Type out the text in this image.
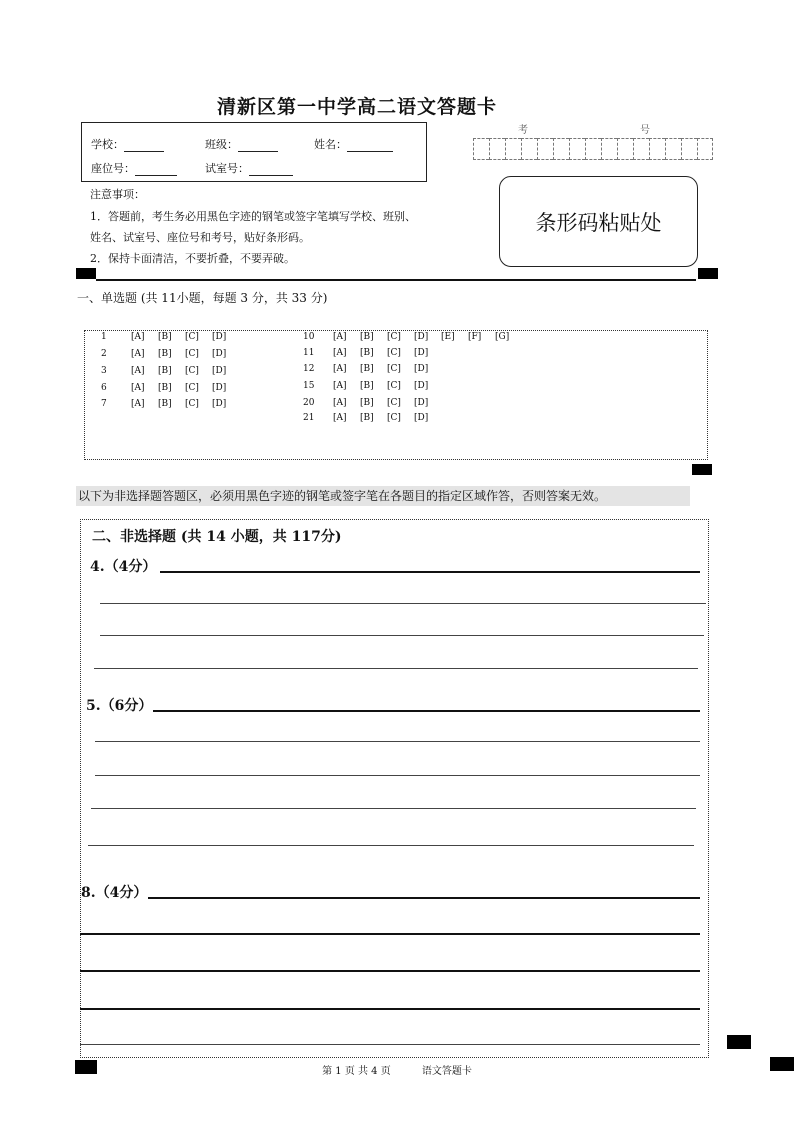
清新区第一中学高二语文答题卡
学校：	班级：	姓名：
座位号：	试室号：
考	号
条形码粘贴处
注意事项：
1．答题前，考生务必用黑色字迹的钢笔或签字笔填写学校、班别、
姓名、试室号、座位号和考号，贴好条形码。
2．保持卡面清洁，不要折叠，不要弄破。
一、单选题 (共 11小题，每题 3 分，共 33 分)
1	[A]	[B]	[C]	[D]
2	[A]	[B]	[C]	[D]
3	[A]	[B]	[C]	[D]
6	[A]	[B]	[C]	[D]
7	[A]	[B]	[C]	[D]
10	[A]	[B]	[C]	[D]	[E]	[F]	[G]
11	[A]	[B]	[C]	[D]
12	[A]	[B]	[C]	[D]
15	[A]	[B]	[C]	[D]
20	[A]	[B]	[C]	[D]
21	[A]	[B]	[C]	[D]
以下为非选择题答题区，必须用黑色字迹的钢笔或签字笔在各题目的指定区域作答，否则答案无效。
二、非选择题 (共 14 小题，共 117分)
4.（4分）
5.（6分）
8.（4分）
第 1 页 共 4 页	语文答题卡
